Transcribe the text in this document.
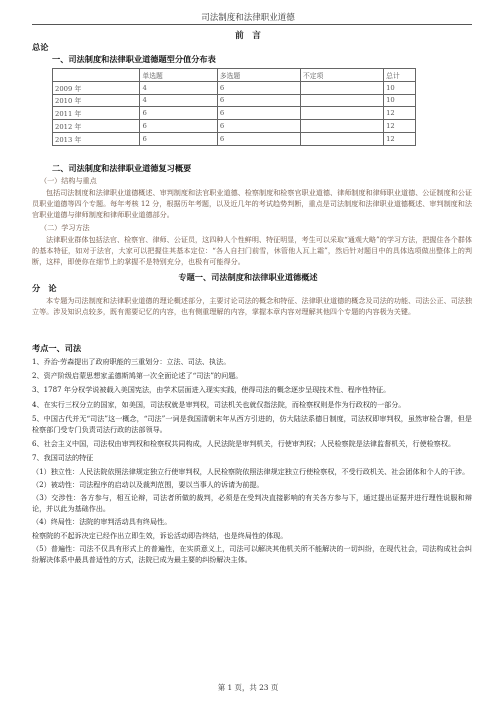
司法制度和法律职业道德
前　言
总论
一、司法制度和法律职业道德题型分值分布表
	单选题	多选题	不定项	总计
2009 年	4	6		10
2010 年	4	6		10
2011 年	6	6		12
2012 年	6	6		12
2013 年	6	6		12
二、司法制度和法律职业道德复习概要
（一）结构与重点
包括司法制度和法律职业道德概述、审判制度和法官职业道德、检察制度和检察官职业道德、律师制度和律师职业道德、公证制度和公证员职业道德等四个专题。每年考核 12 分，根据历年考题，以及近几年的考试趋势判断，重点是司法制度和法律职业道德概述、审判制度和法官职业道德与律师制度和律师职业道德部分。
（二）学习方法
法律职业群体包括法官、检察官、律师、公证员，这四种人个性鲜明、特征明显，考生可以采取“通观大略”的学习方法，把握住各个群体的基本特征，如对于法官，大家可以把握住其基本定位：“各人自扫门前雪，休管他人瓦上霜”，然后针对题目中的具体选项做出整体上的判断，这样，即使你在细节上的掌握不是特别充分，也极有可能得分。
专题一、司法制度和法律职业道德概述
分　论
本专题为司法制度和法律职业道德的理论概述部分，主要讨论司法的概念和特征、法律职业道德的概念及司法的功能、司法公正、司法独立等。涉及知识点较多，既有需要记忆的内容，也有侧重理解的内容，掌握本章内容对理解其他四个专题的内容极为关键。
考点一、司法
1、乔治·劳森提出了政府职能的三重划分：立法、司法、执法。
2、资产阶级启蒙思想家孟德斯鸠第一次全面论述了“司法”的问题。
3、1787 年分权学说被载入美国宪法，由学术层面进入现实实践，使得司法的概念逐步呈现技术性、程序性特征。
4、在实行三权分立的国家，如美国，司法权就是审判权，司法机关也就仅指法院，而检察权则是作为行政权的一部分。
5、中国古代并无“司法”这一概念，“司法”一词是我国清朝末年从西方引进的，仿大陆法系德日制度，司法权即审判权，虽然审检合署，但是检察部门受专门负责司法行政的法部领导。
6、社会主义中国，司法权由审判权和检察权共同构成，人民法院是审判机关，行使审判权；人民检察院是法律监督机关，行使检察权。
7、我国司法的特征
（1）独立性：人民法院依照法律规定独立行使审判权，人民检察院依照法律规定独立行使检察权，不受行政机关、社会团体和个人的干涉。
（2）被动性：司法程序的启动以及裁判范围，要以当事人的诉请为前提。
（3）交涉性：各方参与，相互论辩，司法者所做的裁判，必须是在受判决直接影响的有关各方参与下，通过提出证据并进行理性说服和辩论，并以此为基础作出。
（4）终局性：法院的审判活动具有终局性。
检察院的不起诉决定已经作出立即生效，诉讼活动即告终结，也是终局性的体现。
（5）普遍性：司法不仅具有形式上的普遍性，在实质意义上，司法可以解决其他机关所不能解决的一切纠纷，在现代社会，司法构成社会纠纷解决体系中最具普适性的方式，法院已成为最主要的纠纷解决主体。
第 1 页，共 23 页
